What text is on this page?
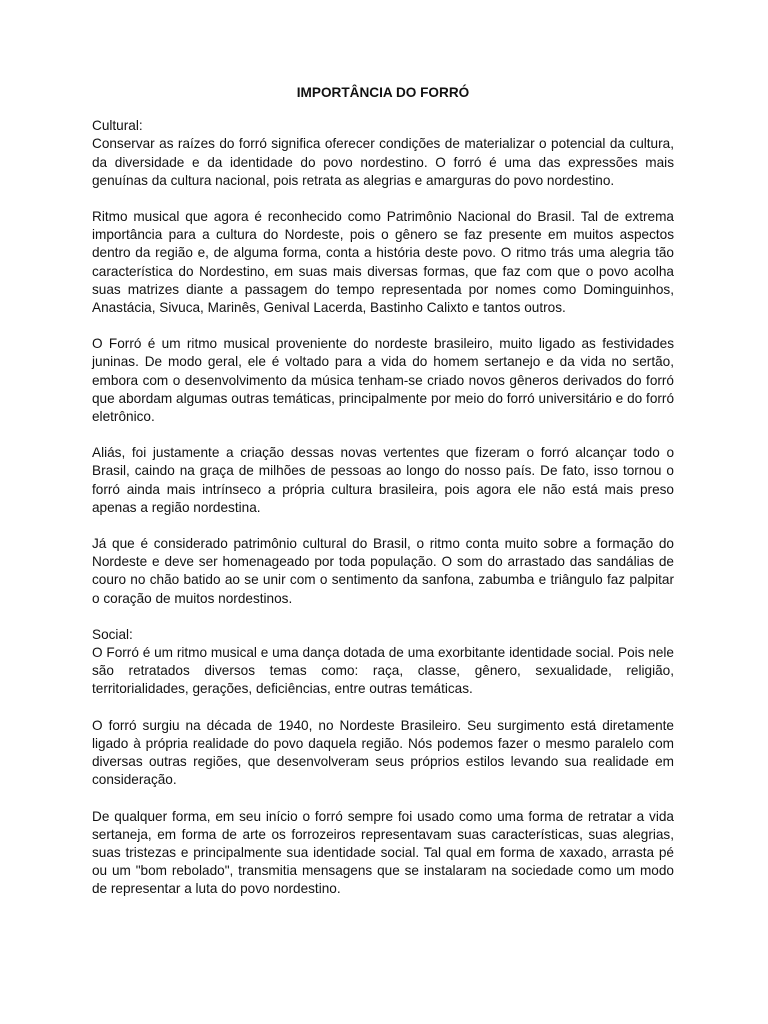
IMPORTÂNCIA DO FORRÓ
Cultural:

Conservar as raízes do forró significa oferecer condições de materializar o potencial da cultura, da diversidade e da identidade do povo nordestino. O forró é uma das expressões mais genuínas da cultura nacional, pois retrata as alegrias e amarguras do povo nordestino.

Ritmo musical que agora é reconhecido como Patrimônio Nacional do Brasil. Tal de extrema importância para a cultura do Nordeste, pois o gênero se faz presente em muitos aspectos dentro da região e, de alguma forma, conta a história deste povo. O ritmo trás uma alegria tão característica do Nordestino, em suas mais diversas formas, que faz com que o povo acolha suas matrizes diante a passagem do tempo representada por nomes como Dominguinhos, Anastácia, Sivuca, Marinês, Genival Lacerda, Bastinho Calixto e tantos outros.

O Forró é um ritmo musical proveniente do nordeste brasileiro, muito ligado as festividades juninas. De modo geral, ele é voltado para a vida do homem sertanejo e da vida no sertão, embora com o desenvolvimento da música tenham-se criado novos gêneros derivados do forró que abordam algumas outras temáticas, principalmente por meio do forró universitário e do forró eletrônico.

Aliás, foi justamente a criação dessas novas vertentes que fizeram o forró alcançar todo o Brasil, caindo na graça de milhões de pessoas ao longo do nosso país. De fato, isso tornou o forró ainda mais intrínseco a própria cultura brasileira, pois agora ele não está mais preso apenas a região nordestina.

Já que é considerado patrimônio cultural do Brasil, o ritmo conta muito sobre a formação do Nordeste e deve ser homenageado por toda população. O som do arrastado das sandálias de couro no chão batido ao se unir com o sentimento da sanfona, zabumba e triângulo faz palpitar o coração de muitos nordestinos.

Social:

O Forró é um ritmo musical e uma dança dotada de uma exorbitante identidade social. Pois nele são retratados diversos temas como: raça, classe, gênero, sexualidade, religião, territorialidades, gerações, deficiências, entre outras temáticas.

O forró surgiu na década de 1940, no Nordeste Brasileiro. Seu surgimento está diretamente ligado à própria realidade do povo daquela região. Nós podemos fazer o mesmo paralelo com diversas outras regiões, que desenvolveram seus próprios estilos levando sua realidade em consideração.

De qualquer forma, em seu início o forró sempre foi usado como uma forma de retratar a vida sertaneja, em forma de arte os forrozeiros representavam suas características, suas alegrias, suas tristezas e principalmente sua identidade social. Tal qual em forma de xaxado, arrasta pé ou um "bom rebolado", transmitia mensagens que se instalaram na sociedade como um modo de representar a luta do povo nordestino.
